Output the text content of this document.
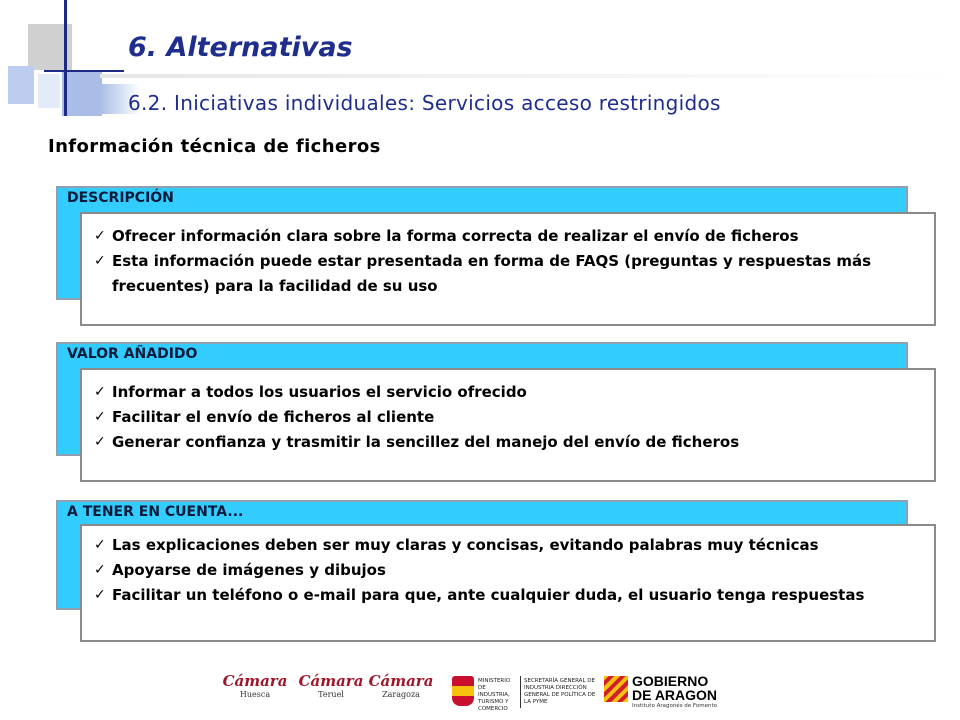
6. Alternativas
6.2. Iniciativas individuales: Servicios acceso restringidos
Información técnica de ficheros
DESCRIPCIÓN
✓ Ofrecer información clara sobre la forma correcta de realizar el envío de ficheros
✓ Esta información puede estar presentada en forma de FAQS (preguntas y respuestas más frecuentes) para la facilidad de su uso
VALOR AÑADIDO
✓ Informar a todos los usuarios el servicio ofrecido
✓ Facilitar el envío de ficheros al cliente
✓ Generar confianza y trasmitir la sencillez del manejo del envío de ficheros
A TENER EN CUENTA...
✓ Las explicaciones deben ser muy claras y concisas, evitando palabras muy técnicas
✓ Apoyarse de imágenes y dibujos
✓ Facilitar un teléfono o e-mail para que, ante cualquier duda, el usuario tenga respuestas
Cámara
Huesca
Cámara
Teruel
Cámara
Zaragoza
MINISTERIO DE INDUSTRIA, TURISMO Y COMERCIO
SECRETARÍA GENERAL DE INDUSTRIA DIRECCIÓN GENERAL DE POLÍTICA DE LA PYME
GOBIERNO
DE ARAGON
Instituto Aragonés de Fomento
